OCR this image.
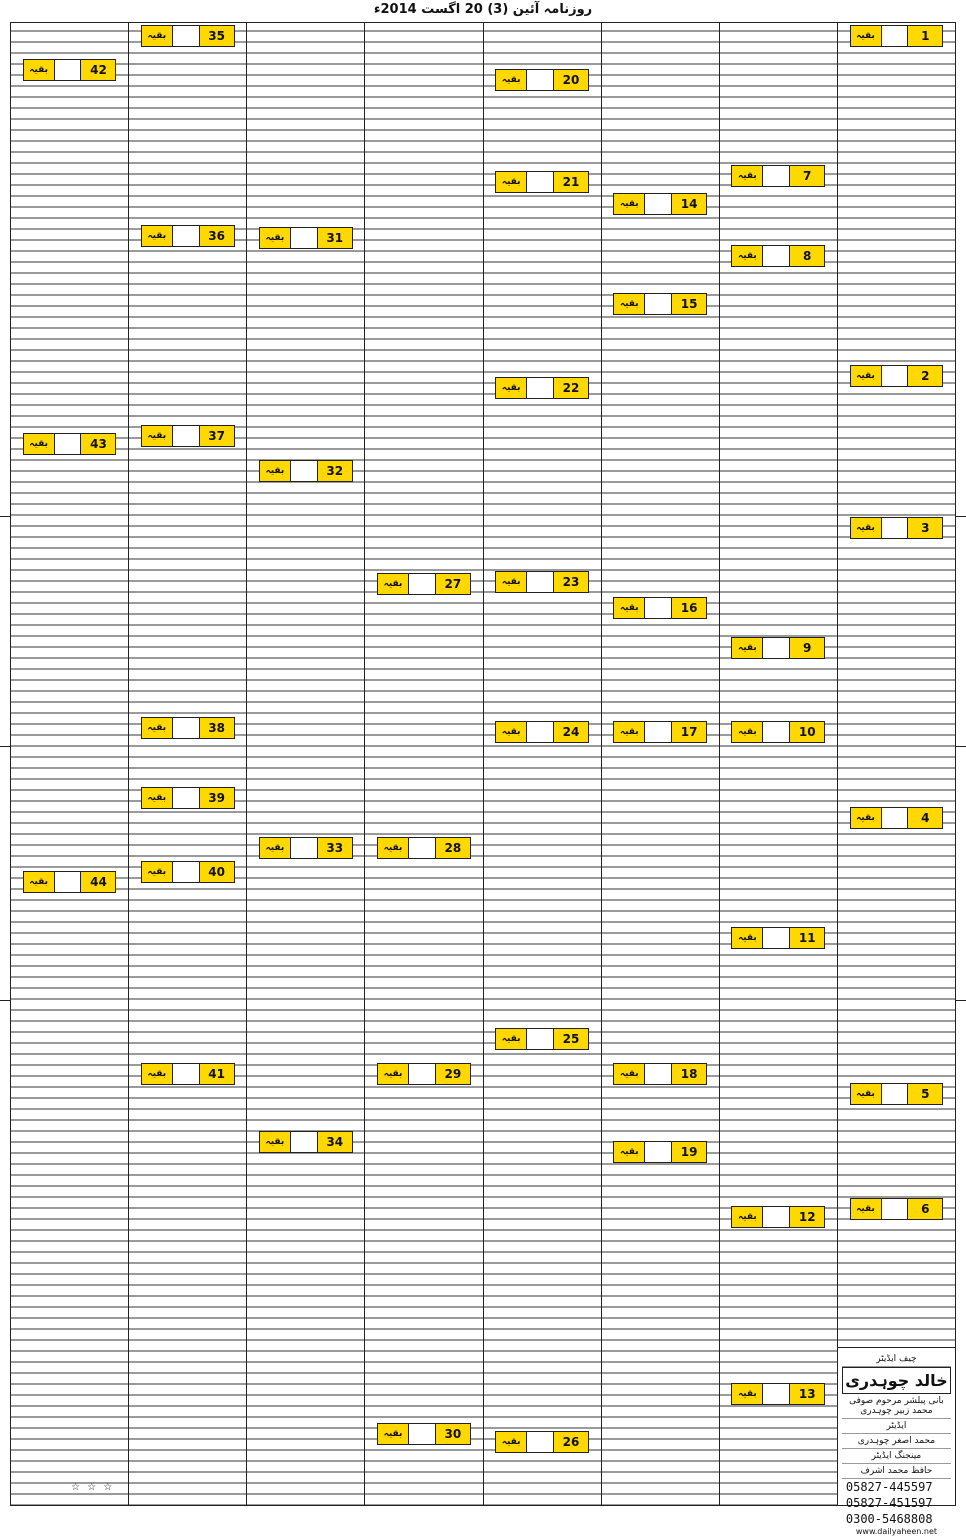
روزنامہ آئین (3) 20 اگست 2014ء
1
بقیہ
2
بقیہ
3
بقیہ
4
بقیہ
5
بقیہ
6
بقیہ
چیف ایڈیٹر
خالد چوہدری
بانی پبلشر مرحوم صوفی محمد زبیر چوہدری
ایڈیٹر
محمد اصغر چوہدری
مینجنگ ایڈیٹر
حافظ محمد اشرف
05827-445597
05827-451597
0300-5468808
www.dailyaheen.net
7
بقیہ
8
بقیہ
9
بقیہ
10
بقیہ
11
بقیہ
12
بقیہ
13
بقیہ
14
بقیہ
15
بقیہ
16
بقیہ
17
بقیہ
18
بقیہ
19
بقیہ
20
بقیہ
21
بقیہ
22
بقیہ
23
بقیہ
24
بقیہ
25
بقیہ
26
بقیہ
27
بقیہ
28
بقیہ
29
بقیہ
30
بقیہ
31
بقیہ
32
بقیہ
33
بقیہ
34
بقیہ
35
بقیہ
36
بقیہ
37
بقیہ
38
بقیہ
39
بقیہ
40
بقیہ
41
بقیہ
42
بقیہ
43
بقیہ
44
بقیہ
☆ ☆ ☆
